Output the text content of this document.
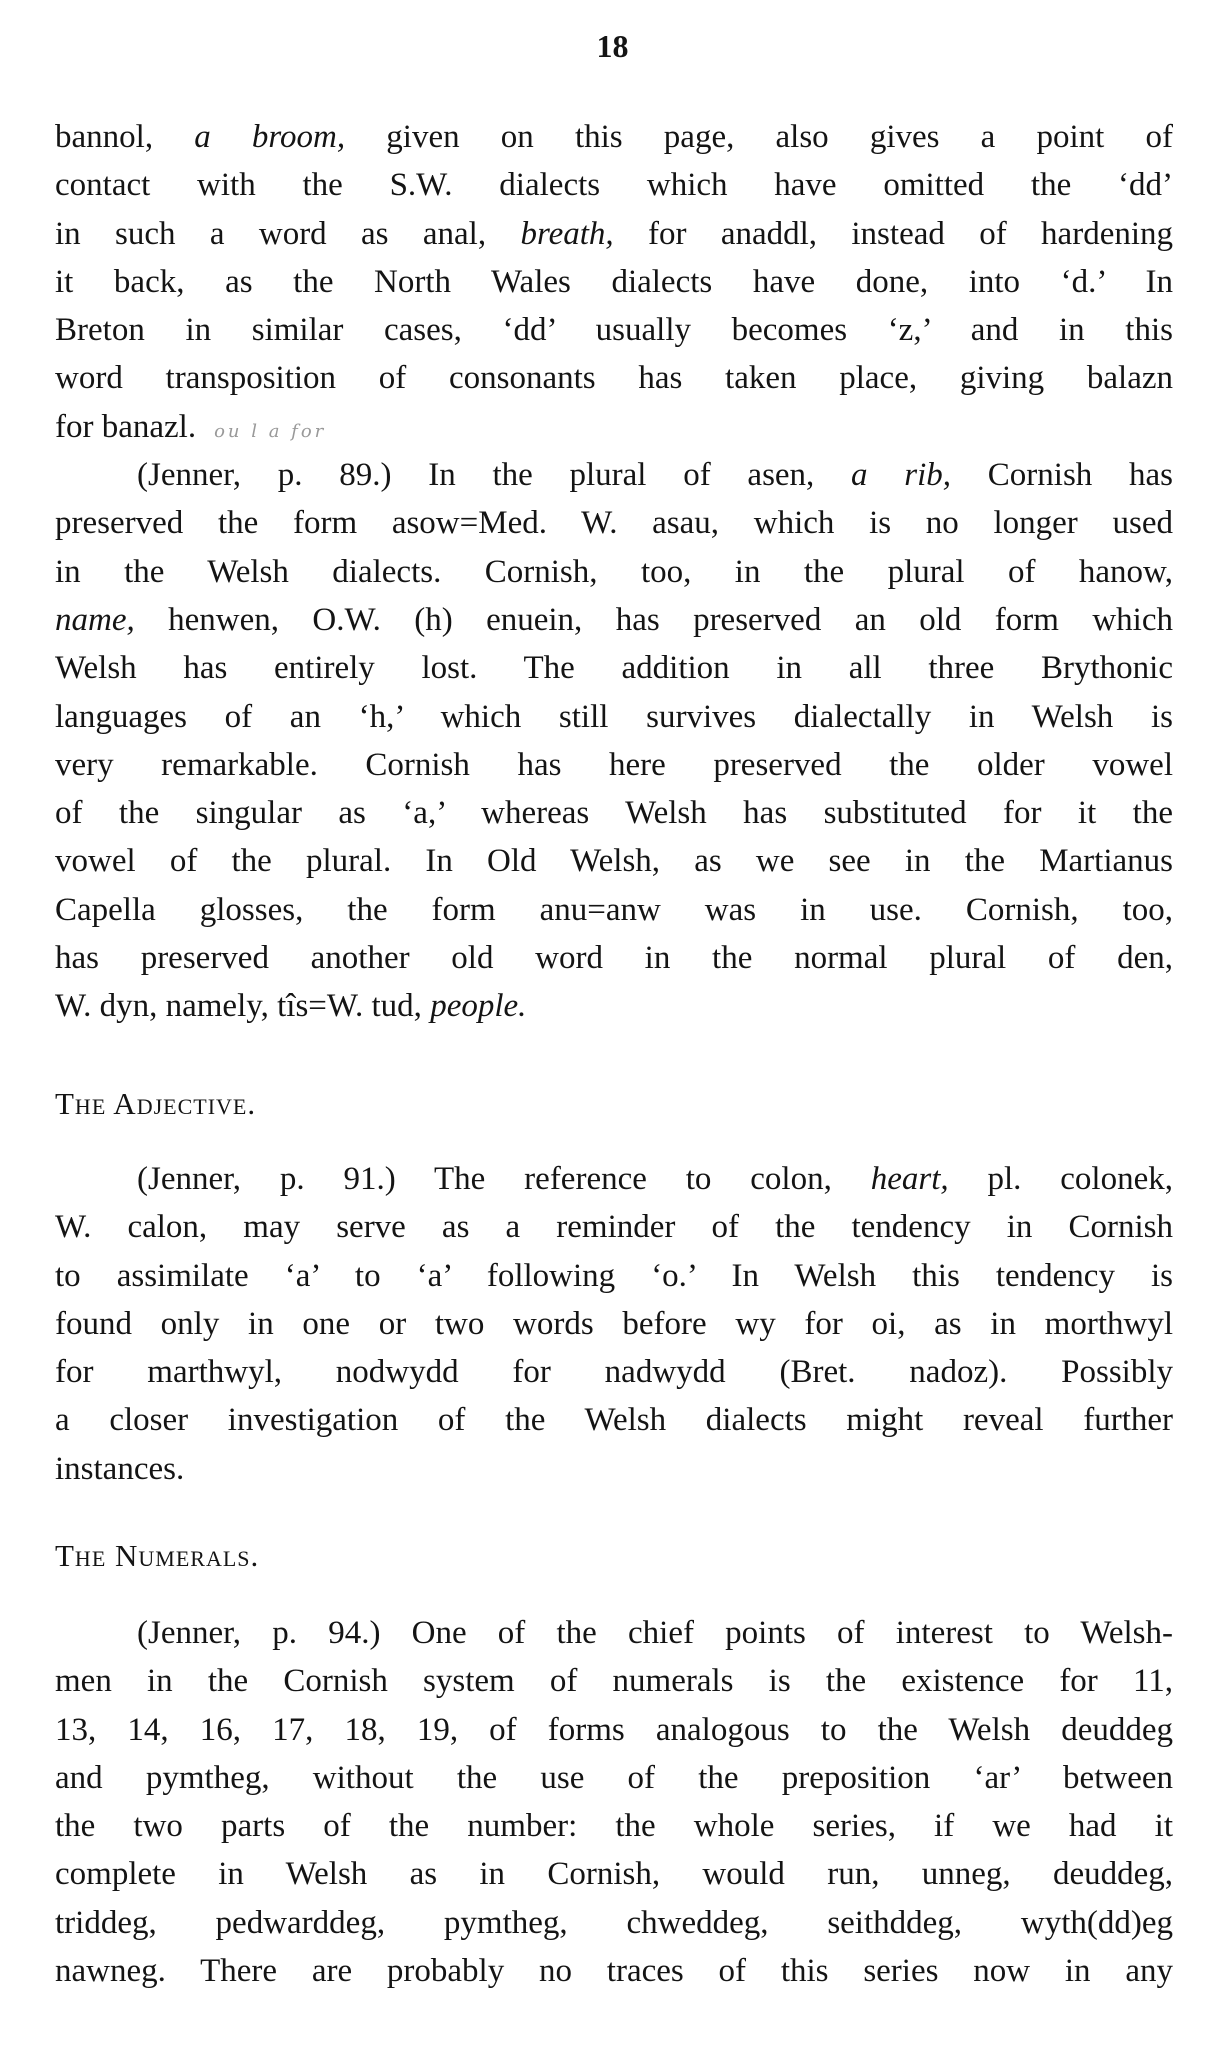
18
bannol, a broom, given on this page, also gives a point of
contact with the S.W. dialects which have omitted the ‘dd’
in such a word as anal, breath, for anaddl, instead of hardening
it back, as the North Wales dialects have done, into ‘d.’ In
Breton in similar cases, ‘dd’ usually becomes ‘z,’ and in this
word transposition of consonants has taken place, giving balazn
for banazl. ou l a for
(Jenner, p. 89.) In the plural of asen, a rib, Cornish has
preserved the form asow=Med. W. asau, which is no longer used
in the Welsh dialects. Cornish, too, in the plural of hanow,
name, henwen, O.W. (h) enuein, has preserved an old form which
Welsh has entirely lost. The addition in all three Brythonic
languages of an ‘h,’ which still survives dialectally in Welsh is
very remarkable. Cornish has here preserved the older vowel
of the singular as ‘a,’ whereas Welsh has substituted for it the
vowel of the plural. In Old Welsh, as we see in the Martianus
Capella glosses, the form anu=anw was in use. Cornish, too,
has preserved another old word in the normal plural of den,
W. dyn, namely, tîs=W. tud, people.
The Adjective.
(Jenner, p. 91.) The reference to colon, heart, pl. colonek,
W. calon, may serve as a reminder of the tendency in Cornish
to assimilate ‘a’ to ‘a’ following ‘o.’ In Welsh this tendency is
found only in one or two words before wy for oi, as in morthwyl
for marthwyl, nodwydd for nadwydd (Bret. nadoz). Possibly
a closer investigation of the Welsh dialects might reveal further
instances.
The Numerals.
(Jenner, p. 94.) One of the chief points of interest to Welsh-
men in the Cornish system of numerals is the existence for 11,
13, 14, 16, 17, 18, 19, of forms analogous to the Welsh deuddeg
and pymtheg, without the use of the preposition ‘ar’ between
the two parts of the number: the whole series, if we had it
complete in Welsh as in Cornish, would run, unneg, deuddeg,
triddeg, pedwarddeg, pymtheg, chweddeg, seithddeg, wyth(dd)eg
nawneg. There are probably no traces of this series now in any
